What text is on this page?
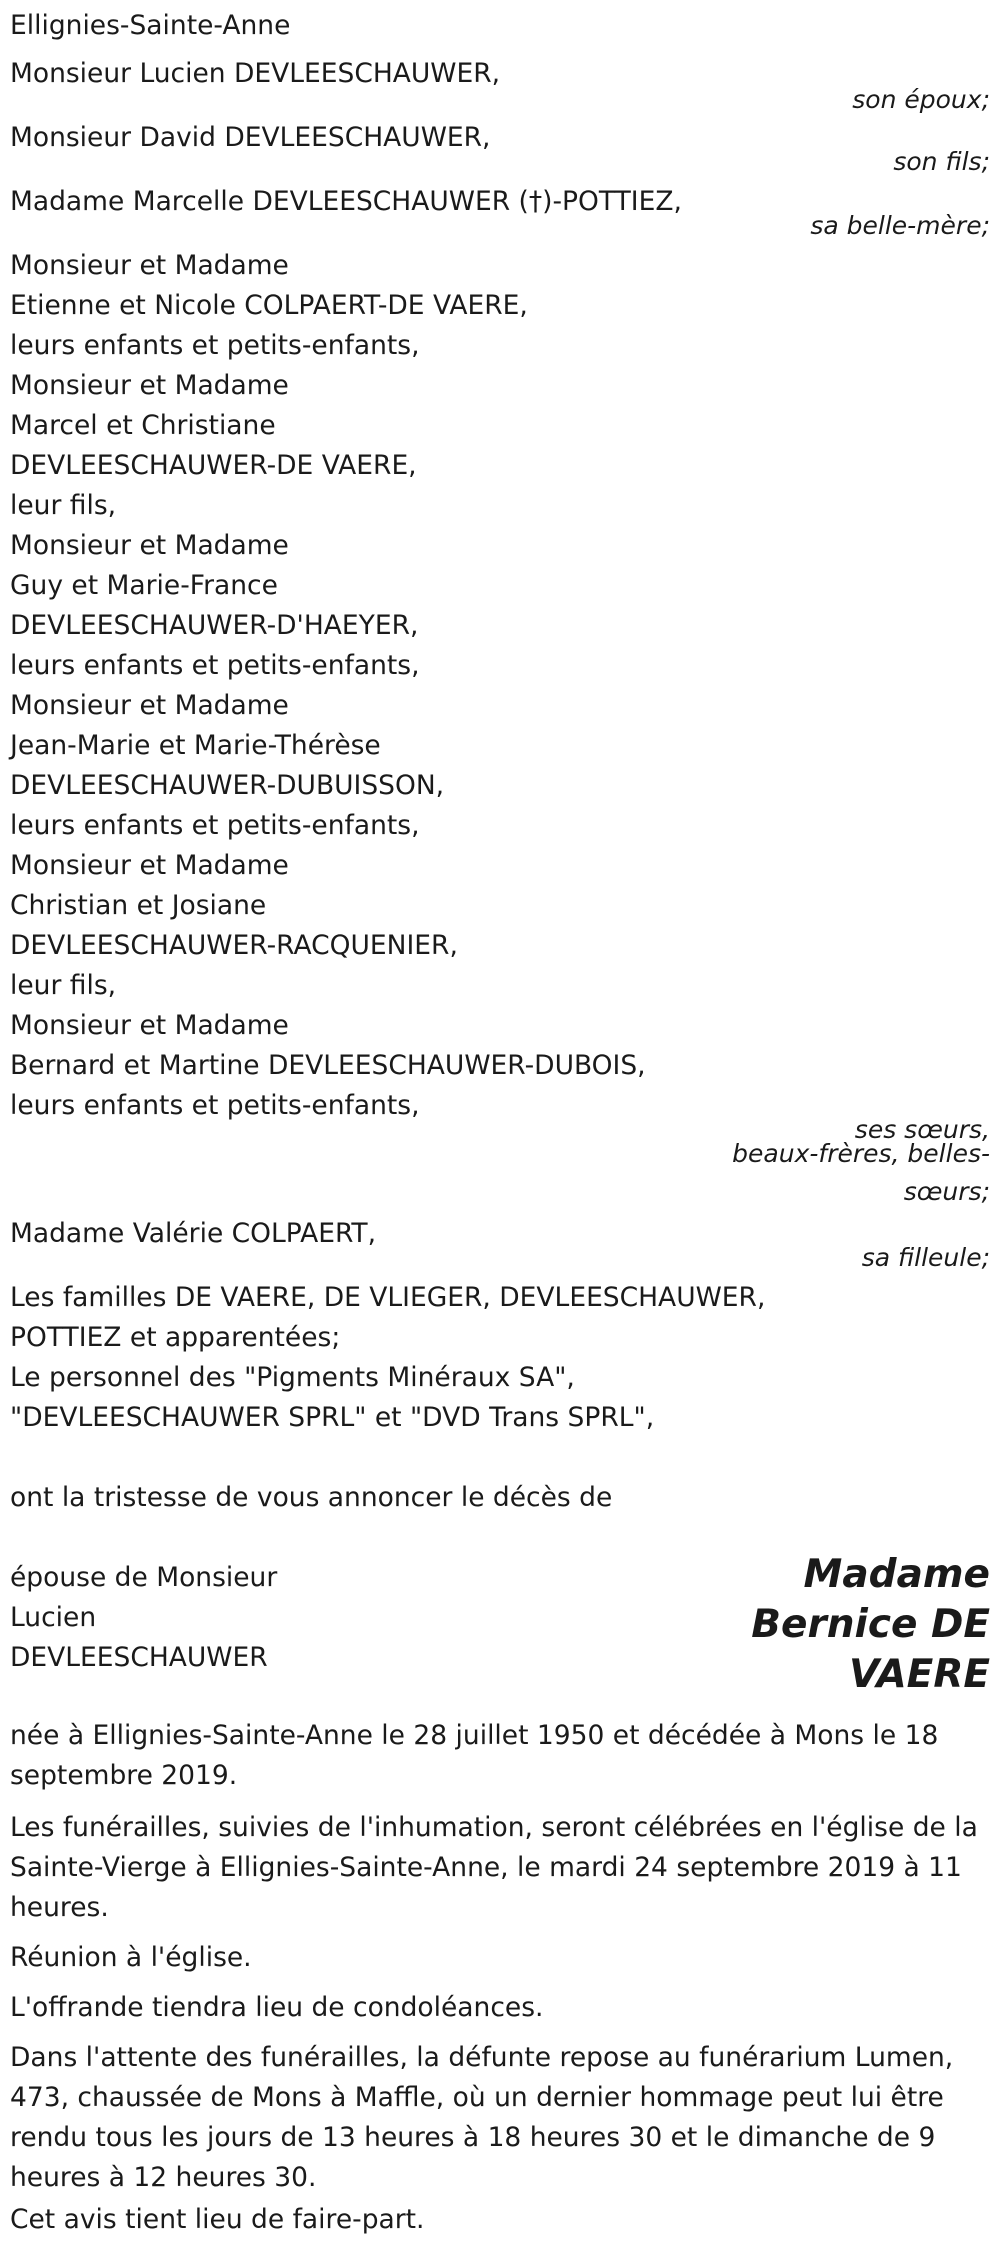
Ellignies-Sainte-Anne
Monsieur Lucien DEVLEESCHAUWER,
son époux;
Monsieur David DEVLEESCHAUWER,
son fils;
Madame Marcelle DEVLEESCHAUWER (†)-POTTIEZ,
sa belle-mère;
Monsieur et Madame
Etienne et Nicole COLPAERT-DE VAERE,
leurs enfants et petits-enfants,
Monsieur et Madame
Marcel et Christiane
DEVLEESCHAUWER-DE VAERE,
leur fils,
Monsieur et Madame
Guy et Marie-France
DEVLEESCHAUWER-D'HAEYER,
leurs enfants et petits-enfants,
Monsieur et Madame
Jean-Marie et Marie-Thérèse
DEVLEESCHAUWER-DUBUISSON,
leurs enfants et petits-enfants,
Monsieur et Madame
Christian et Josiane
DEVLEESCHAUWER-RACQUENIER,
leur fils,
Monsieur et Madame
Bernard et Martine DEVLEESCHAUWER-DUBOIS,
leurs enfants et petits-enfants,
ses sœurs,
beaux-frères, belles-
sœurs;
Madame Valérie COLPAERT,
sa filleule;
Les familles DE VAERE, DE VLIEGER, DEVLEESCHAUWER,
POTTIEZ et apparentées;
Le personnel des "Pigments Minéraux SA",
"DEVLEESCHAUWER SPRL" et "DVD Trans SPRL",
ont la tristesse de vous annoncer le décès de
épouse de Monsieur
Lucien
DEVLEESCHAUWER
Madame
Bernice DE
VAERE
née à Ellignies-Sainte-Anne le 28 juillet 1950 et décédée à Mons le 18 septembre 2019.
Les funérailles, suivies de l'inhumation, seront célébrées en l'église de la Sainte-Vierge à Ellignies-Sainte-Anne, le mardi 24 septembre 2019 à 11 heures.
Réunion à l'église.
L'offrande tiendra lieu de condoléances.
Dans l'attente des funérailles, la défunte repose au funérarium Lumen, 473, chaussée de Mons à Maffle, où un dernier hommage peut lui être rendu tous les jours de 13 heures à 18 heures 30 et le dimanche de 9 heures à 12 heures 30.
Cet avis tient lieu de faire-part.
